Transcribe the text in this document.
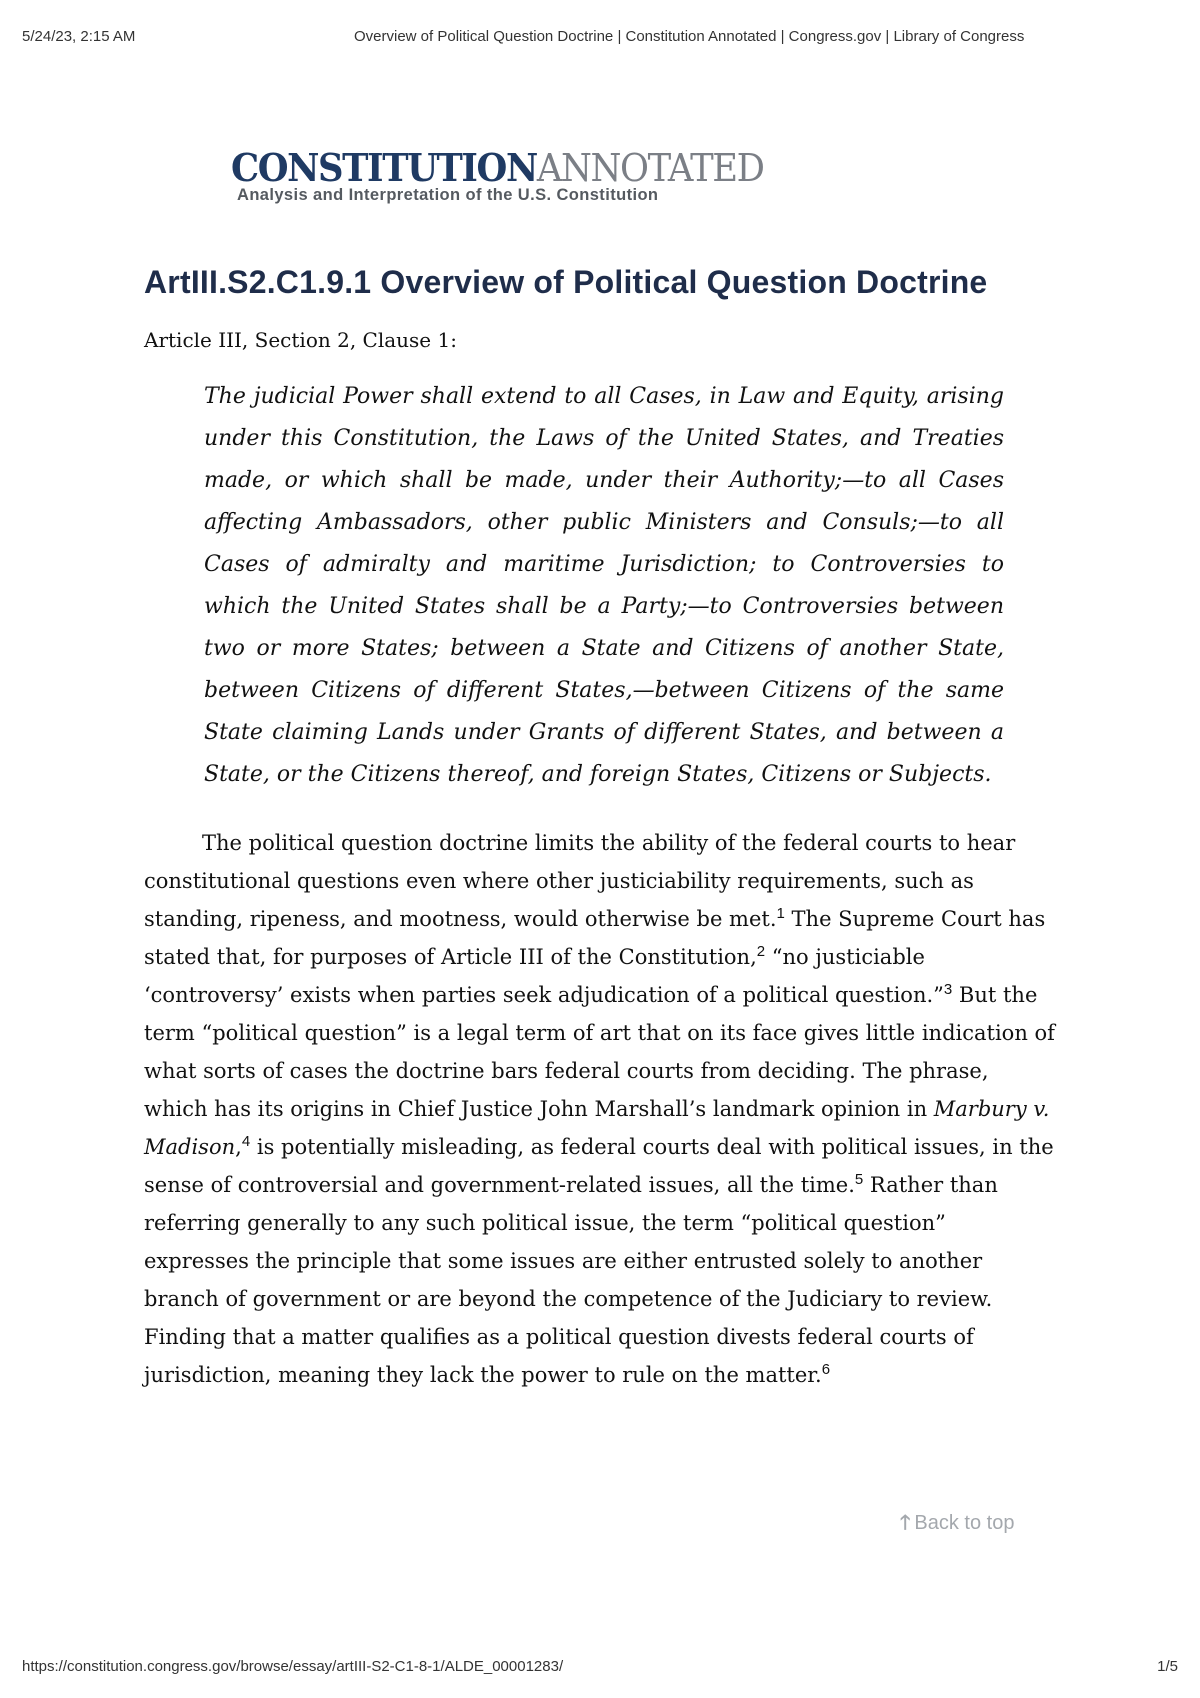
5/24/23, 2:15 AM	Overview of Political Question Doctrine | Constitution Annotated | Congress.gov | Library of Congress
CONSTITUTIONANNOTATED
Analysis and Interpretation of the U.S. Constitution
ArtIII.S2.C1.9.1 Overview of Political Question Doctrine

Article III, Section 2, Clause 1:

The judicial Power shall extend to all Cases, in Law and Equity, arising under this Constitution, the Laws of the United States, and Treaties made, or which shall be made, under their Authority;—to all Cases affecting Ambassadors, other public Ministers and Consuls;—to all Cases of admiralty and maritime Jurisdiction; to Controversies to which the United States shall be a Party;—to Controversies between two or more States; between a State and Citizens of another State, between Citizens of different States,—between Citizens of the same State claiming Lands under Grants of different States, and between a State, or the Citizens thereof, and foreign States, Citizens or Subjects.

The political question doctrine limits the ability of the federal courts to hear constitutional questions even where other justiciability requirements, such as standing, ripeness, and mootness, would otherwise be met.$^1$ The Supreme Court has stated that, for purposes of Article III of the Constitution,$^2$ “no justiciable ‘controversy’ exists when parties seek adjudication of a political question.”$^3$ But the term “political question” is a legal term of art that on its face gives little indication of what sorts of cases the doctrine bars federal courts from deciding. The phrase, which has its origins in Chief Justice John Marshall’s landmark opinion in Marbury v. Madison,$^4$ is potentially misleading, as federal courts deal with political issues, in the sense of controversial and government-related issues, all the time.$^5$ Rather than referring generally to any such political issue, the term “political question” expresses the principle that some issues are either entrusted solely to another branch of government or are beyond the competence of the Judiciary to review. Finding that a matter qualifies as a political question divests federal courts of jurisdiction, meaning they lack the power to rule on the matter.$^6$

🡑 Back to top
https://constitution.congress.gov/browse/essay/artIII-S2-C1-8-1/ALDE_00001283/	1/5
